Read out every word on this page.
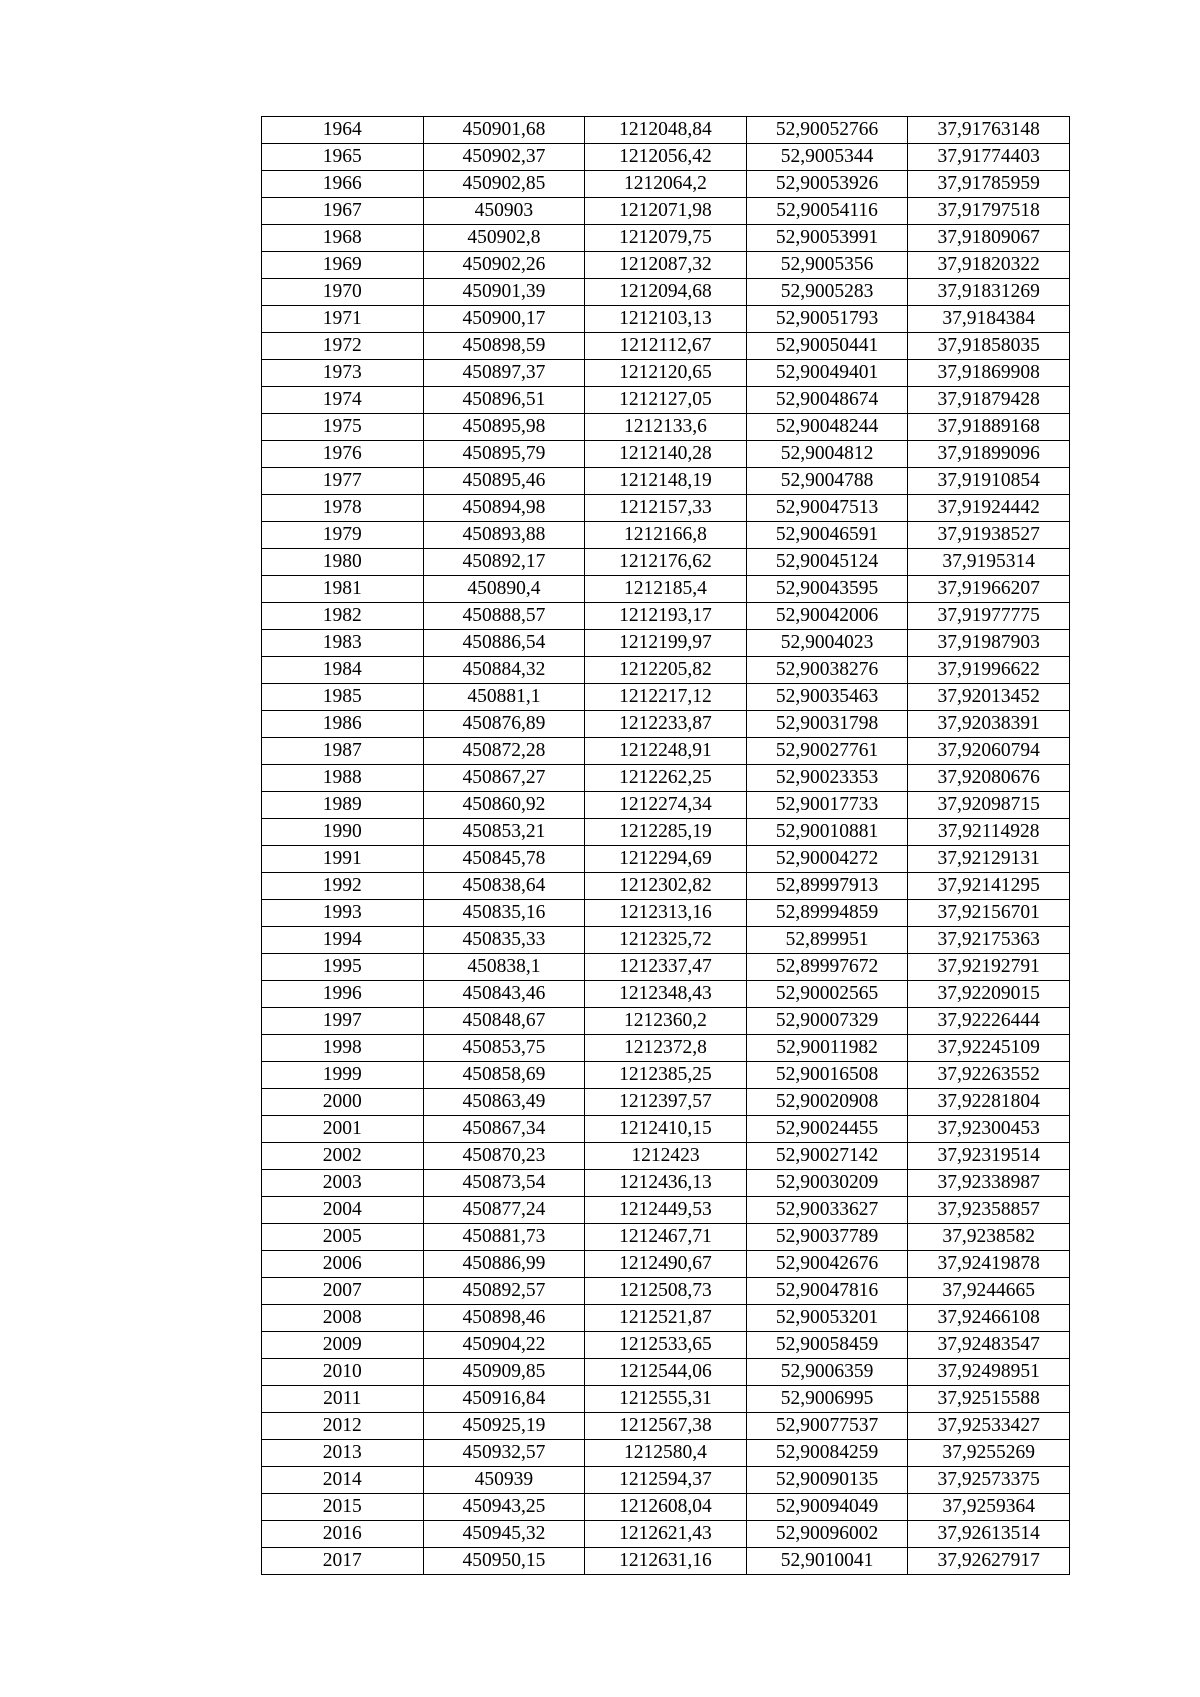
1964	450901,68	1212048,84	52,90052766	37,91763148
1965	450902,37	1212056,42	52,9005344	37,91774403
1966	450902,85	1212064,2	52,90053926	37,91785959
1967	450903	1212071,98	52,90054116	37,91797518
1968	450902,8	1212079,75	52,90053991	37,91809067
1969	450902,26	1212087,32	52,9005356	37,91820322
1970	450901,39	1212094,68	52,9005283	37,91831269
1971	450900,17	1212103,13	52,90051793	37,9184384
1972	450898,59	1212112,67	52,90050441	37,91858035
1973	450897,37	1212120,65	52,90049401	37,91869908
1974	450896,51	1212127,05	52,90048674	37,91879428
1975	450895,98	1212133,6	52,90048244	37,91889168
1976	450895,79	1212140,28	52,9004812	37,91899096
1977	450895,46	1212148,19	52,9004788	37,91910854
1978	450894,98	1212157,33	52,90047513	37,91924442
1979	450893,88	1212166,8	52,90046591	37,91938527
1980	450892,17	1212176,62	52,90045124	37,9195314
1981	450890,4	1212185,4	52,90043595	37,91966207
1982	450888,57	1212193,17	52,90042006	37,91977775
1983	450886,54	1212199,97	52,9004023	37,91987903
1984	450884,32	1212205,82	52,90038276	37,91996622
1985	450881,1	1212217,12	52,90035463	37,92013452
1986	450876,89	1212233,87	52,90031798	37,92038391
1987	450872,28	1212248,91	52,90027761	37,92060794
1988	450867,27	1212262,25	52,90023353	37,92080676
1989	450860,92	1212274,34	52,90017733	37,92098715
1990	450853,21	1212285,19	52,90010881	37,92114928
1991	450845,78	1212294,69	52,90004272	37,92129131
1992	450838,64	1212302,82	52,89997913	37,92141295
1993	450835,16	1212313,16	52,89994859	37,92156701
1994	450835,33	1212325,72	52,899951	37,92175363
1995	450838,1	1212337,47	52,89997672	37,92192791
1996	450843,46	1212348,43	52,90002565	37,92209015
1997	450848,67	1212360,2	52,90007329	37,92226444
1998	450853,75	1212372,8	52,90011982	37,92245109
1999	450858,69	1212385,25	52,90016508	37,92263552
2000	450863,49	1212397,57	52,90020908	37,92281804
2001	450867,34	1212410,15	52,90024455	37,92300453
2002	450870,23	1212423	52,90027142	37,92319514
2003	450873,54	1212436,13	52,90030209	37,92338987
2004	450877,24	1212449,53	52,90033627	37,92358857
2005	450881,73	1212467,71	52,90037789	37,9238582
2006	450886,99	1212490,67	52,90042676	37,92419878
2007	450892,57	1212508,73	52,90047816	37,9244665
2008	450898,46	1212521,87	52,90053201	37,92466108
2009	450904,22	1212533,65	52,90058459	37,92483547
2010	450909,85	1212544,06	52,9006359	37,92498951
2011	450916,84	1212555,31	52,9006995	37,92515588
2012	450925,19	1212567,38	52,90077537	37,92533427
2013	450932,57	1212580,4	52,90084259	37,9255269
2014	450939	1212594,37	52,90090135	37,92573375
2015	450943,25	1212608,04	52,90094049	37,9259364
2016	450945,32	1212621,43	52,90096002	37,92613514
2017	450950,15	1212631,16	52,9010041	37,92627917
